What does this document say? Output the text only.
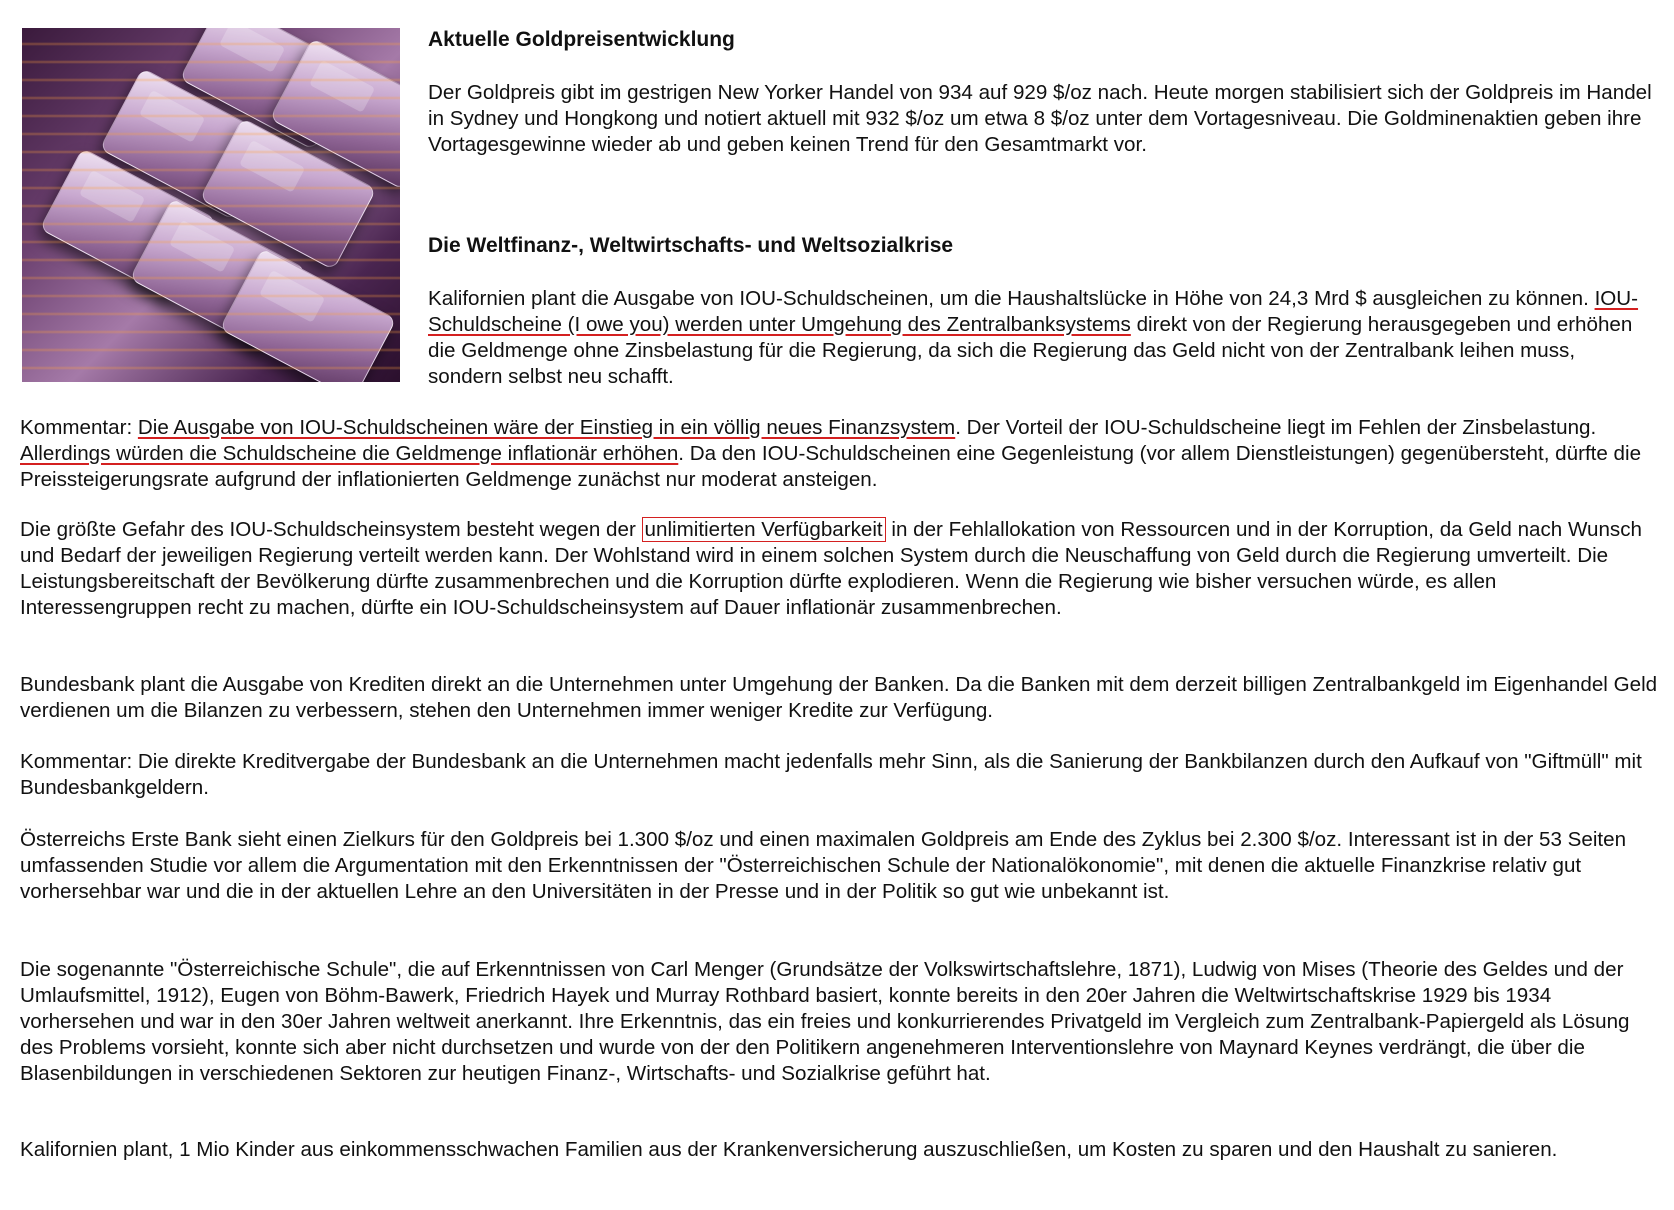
Aktuelle Goldpreisentwicklung

Der Goldpreis gibt im gestrigen New Yorker Handel von 934 auf 929 $/oz nach. Heute morgen stabilisiert sich der Goldpreis im Handel in Sydney und Hongkong und notiert aktuell mit 932 $/oz um etwa 8 $/oz unter dem Vortagesniveau. Die Goldminenaktien geben ihre Vortagesgewinne wieder ab und geben keinen Trend für den Gesamtmarkt vor.

Die Weltfinanz-, Weltwirtschafts- und Weltsozialkrise

Kalifornien plant die Ausgabe von IOU-Schuldscheinen, um die Haushaltslücke in Höhe von 24,3 Mrd $ ausgleichen zu können. IOU-Schuldscheine (I owe you) werden unter Umgehung des Zentralbanksystems direkt von der Regierung herausgegeben und erhöhen die Geldmenge ohne Zinsbelastung für die Regierung, da sich die Regierung das Geld nicht von der Zentralbank leihen muss, sondern selbst neu schafft.

Kommentar: Die Ausgabe von IOU-Schuldscheinen wäre der Einstieg in ein völlig neues Finanzsystem. Der Vorteil der IOU-Schuldscheine liegt im Fehlen der Zinsbelastung. Allerdings würden die Schuldscheine die Geldmenge inflationär erhöhen. Da den IOU-Schuldscheinen eine Gegenleistung (vor allem Dienstleistungen) gegenübersteht, dürfte die Preissteigerungsrate aufgrund der inflationierten Geldmenge zunächst nur moderat ansteigen.

Die größte Gefahr des IOU-Schuldscheinsystem besteht wegen der unlimitierten Verfügbarkeit in der Fehlallokation von Ressourcen und in der Korruption, da Geld nach Wunsch und Bedarf der jeweiligen Regierung verteilt werden kann. Der Wohlstand wird in einem solchen System durch die Neuschaffung von Geld durch die Regierung umverteilt. Die Leistungsbereitschaft der Bevölkerung dürfte zusammenbrechen und die Korruption dürfte explodieren. Wenn die Regierung wie bisher versuchen würde, es allen Interessengruppen recht zu machen, dürfte ein IOU-Schuldscheinsystem auf Dauer inflationär zusammenbrechen.

Bundesbank plant die Ausgabe von Krediten direkt an die Unternehmen unter Umgehung der Banken. Da die Banken mit dem derzeit billigen Zentralbankgeld im Eigenhandel Geld verdienen um die Bilanzen zu verbessern, stehen den Unternehmen immer weniger Kredite zur Verfügung.

Kommentar: Die direkte Kreditvergabe der Bundesbank an die Unternehmen macht jedenfalls mehr Sinn, als die Sanierung der Bankbilanzen durch den Aufkauf von "Giftmüll" mit Bundesbankgeldern.

Österreichs Erste Bank sieht einen Zielkurs für den Goldpreis bei 1.300 $/oz und einen maximalen Goldpreis am Ende des Zyklus bei 2.300 $/oz. Interessant ist in der 53 Seiten umfassenden Studie vor allem die Argumentation mit den Erkenntnissen der "Österreichischen Schule der Nationalökonomie", mit denen die aktuelle Finanzkrise relativ gut vorhersehbar war und die in der aktuellen Lehre an den Universitäten in der Presse und in der Politik so gut wie unbekannt ist.

Die sogenannte "Österreichische Schule", die auf Erkenntnissen von Carl Menger (Grundsätze der Volkswirtschaftslehre, 1871), Ludwig von Mises (Theorie des Geldes und der Umlaufsmittel, 1912), Eugen von Böhm-Bawerk, Friedrich Hayek und Murray Rothbard basiert, konnte bereits in den 20er Jahren die Weltwirtschaftskrise 1929 bis 1934 vorhersehen und war in den 30er Jahren weltweit anerkannt. Ihre Erkenntnis, das ein freies und konkurrierendes Privatgeld im Vergleich zum Zentralbank-Papiergeld als Lösung des Problems vorsieht, konnte sich aber nicht durchsetzen und wurde von der den Politikern angenehmeren Interventionslehre von Maynard Keynes verdrängt, die über die Blasenbildungen in verschiedenen Sektoren zur heutigen Finanz-, Wirtschafts- und Sozialkrise geführt hat.

Kalifornien plant, 1 Mio Kinder aus einkommensschwachen Familien aus der Krankenversicherung auszuschließen, um Kosten zu sparen und den Haushalt zu sanieren.
